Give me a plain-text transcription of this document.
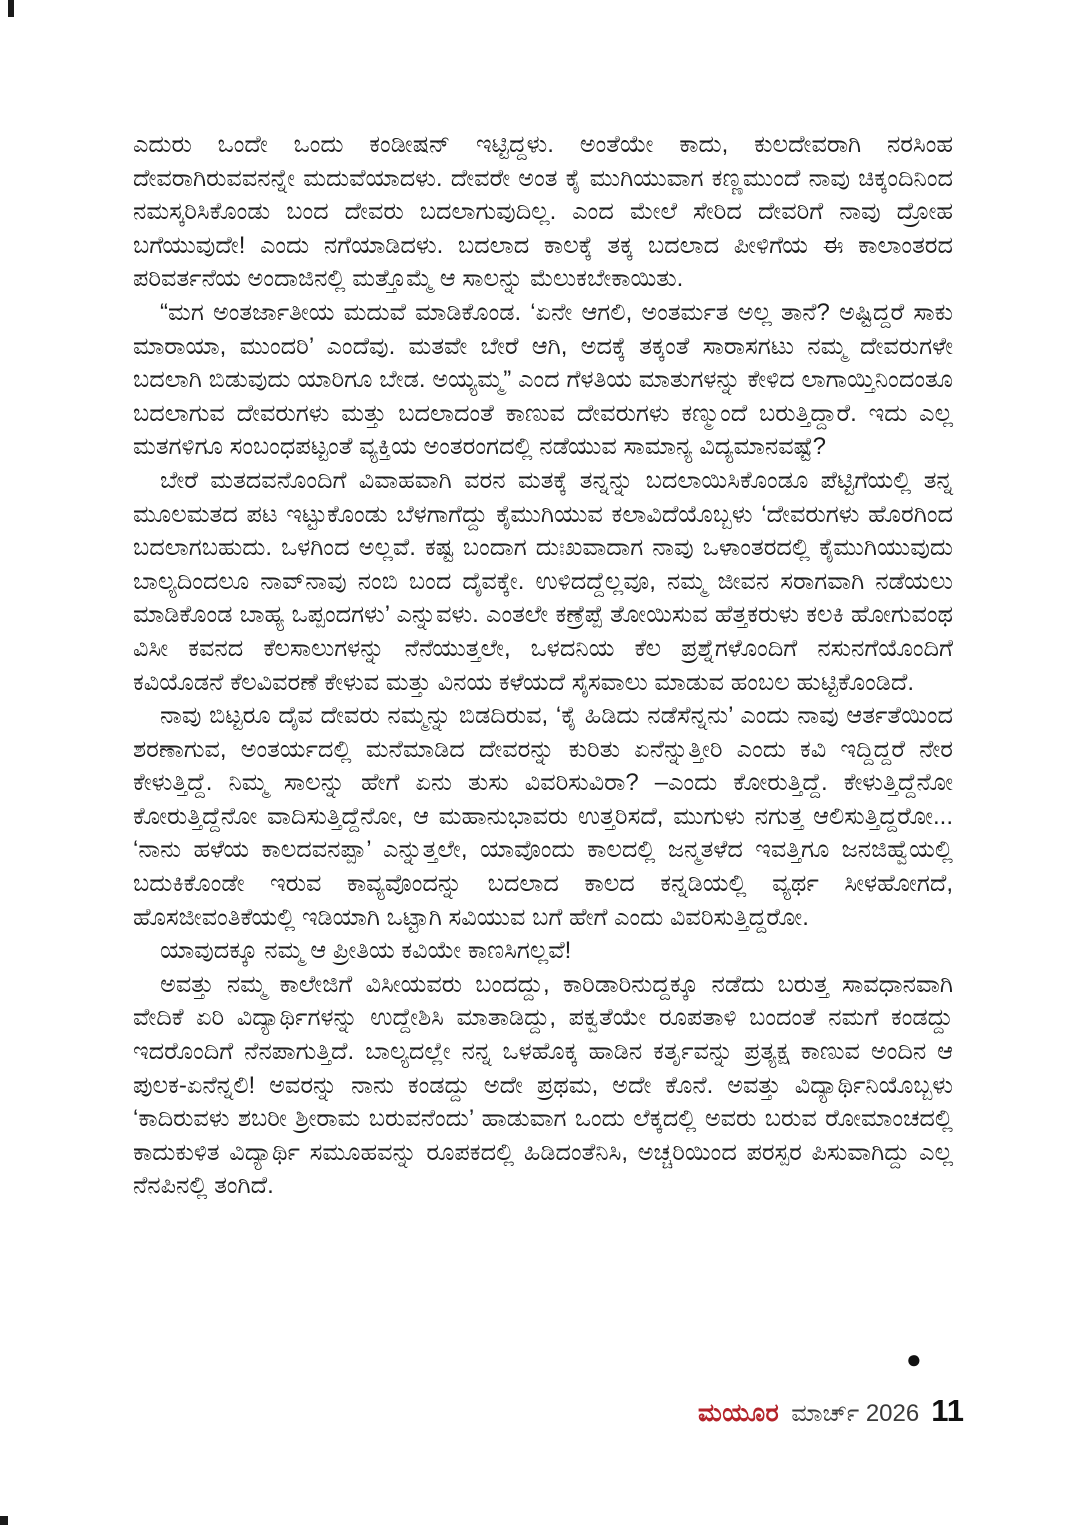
ಎದುರು ಒಂದೇ ಒಂದು ಕಂಡೀಷನ್ ಇಟ್ಟಿದ್ದಳು. ಅಂತೆಯೇ ಕಾದು, ಕುಲದೇವರಾಗಿ ನರಸಿಂಹ ದೇವರಾಗಿರುವವನನ್ನೇ ಮದುವೆಯಾದಳು. ದೇವರೇ ಅಂತ ಕೈ ಮುಗಿಯುವಾಗ ಕಣ್ಣಮುಂದೆ ನಾವು ಚಿಕ್ಕಂದಿನಿಂದ ನಮಸ್ಕರಿಸಿಕೊಂಡು ಬಂದ ದೇವರು ಬದಲಾಗುವುದಿಲ್ಲ. ಎಂದ ಮೇಲೆ ಸೇರಿದ ದೇವರಿಗೆ ನಾವು ದ್ರೋಹ ಬಗೆಯುವುದೇ! ಎಂದು ನಗೆಯಾಡಿದಳು. ಬದಲಾದ ಕಾಲಕ್ಕೆ ತಕ್ಕ ಬದಲಾದ ಪೀಳಿಗೆಯ ಈ ಕಾಲಾಂತರದ ಪರಿವರ್ತನೆಯ ಅಂದಾಜಿನಲ್ಲಿ ಮತ್ತೊಮ್ಮೆ ಆ ಸಾಲನ್ನು ಮೆಲುಕಬೇಕಾಯಿತು.

“ಮಗ ಅಂತರ್ಜಾತೀಯ ಮದುವೆ ಮಾಡಿಕೊಂಡ. ‘ಏನೇ ಆಗಲಿ, ಅಂತರ್ಮತ ಅಲ್ಲ ತಾನೆ? ಅಷ್ಟಿದ್ದರೆ ಸಾಕು ಮಾರಾಯಾ, ಮುಂದರಿ’ ಎಂದೆವು. ಮತವೇ ಬೇರೆ ಆಗಿ, ಅದಕ್ಕೆ ತಕ್ಕಂತೆ ಸಾರಾಸಗಟು ನಮ್ಮ ದೇವರುಗಳೇ ಬದಲಾಗಿ ಬಿಡುವುದು ಯಾರಿಗೂ ಬೇಡ. ಅಯ್ಯಮ್ಮ” ಎಂದ ಗೆಳತಿಯ ಮಾತುಗಳನ್ನು ಕೇಳಿದ ಲಾಗಾಯ್ತಿನಿಂದಂತೂ ಬದಲಾಗುವ ದೇವರುಗಳು ಮತ್ತು ಬದಲಾದಂತೆ ಕಾಣುವ ದೇವರುಗಳು ಕಣ್ಮುಂದೆ ಬರುತ್ತಿದ್ದಾರೆ. ಇದು ಎಲ್ಲ ಮತಗಳಿಗೂ ಸಂಬಂಧಪಟ್ಟಂತೆ ವ್ಯಕ್ತಿಯ ಅಂತರಂಗದಲ್ಲಿ ನಡೆಯುವ ಸಾಮಾನ್ಯ ವಿದ್ಯಮಾನವಷ್ಟೆ?

ಬೇರೆ ಮತದವನೊಂದಿಗೆ ವಿವಾಹವಾಗಿ ವರನ ಮತಕ್ಕೆ ತನ್ನನ್ನು ಬದಲಾಯಿಸಿಕೊಂಡೂ ಪೆಟ್ಟಿಗೆಯಲ್ಲಿ ತನ್ನ ಮೂಲಮತದ ಪಟ ಇಟ್ಟುಕೊಂಡು ಬೆಳಗಾಗೆದ್ದು ಕೈಮುಗಿಯುವ ಕಲಾವಿದೆಯೊಬ್ಬಳು ‘ದೇವರುಗಳು ಹೊರಗಿಂದ ಬದಲಾಗಬಹುದು. ಒಳಗಿಂದ ಅಲ್ಲವೆ. ಕಷ್ಟ ಬಂದಾಗ ದುಃಖವಾದಾಗ ನಾವು ಒಳಾಂತರದಲ್ಲಿ ಕೈಮುಗಿಯುವುದು ಬಾಲ್ಯದಿಂದಲೂ ನಾವ್‌ನಾವು ನಂಬಿ ಬಂದ ದೈವಕ್ಕೇ. ಉಳಿದದ್ದೆಲ್ಲವೂ, ನಮ್ಮ ಜೀವನ ಸರಾಗವಾಗಿ ನಡೆಯಲು ಮಾಡಿಕೊಂಡ ಬಾಹ್ಯ ಒಪ್ಪಂದಗಳು’ ಎನ್ನುವಳು. ಎಂತಲೇ ಕಣ್ರೆಪ್ಪೆ ತೋಯಿಸುವ ಹೆತ್ತಕರುಳು ಕಲಕಿ ಹೋಗುವಂಥ ವಿಸೀ ಕವನದ ಕೆಲಸಾಲುಗಳನ್ನು ನೆನೆಯುತ್ತಲೇ, ಒಳದನಿಯ ಕೆಲ ಪ್ರಶ್ನೆಗಳೊಂದಿಗೆ ನಸುನಗೆಯೊಂದಿಗೆ ಕವಿಯೊಡನೆ ಕೆಲವಿವರಣೆ ಕೇಳುವ ಮತ್ತು ವಿನಯ ಕಳೆಯದೆ ಸೈಸವಾಲು ಮಾಡುವ ಹಂಬಲ ಹುಟ್ಟಿಕೊಂಡಿದೆ.

ನಾವು ಬಿಟ್ಟರೂ ದೈವ ದೇವರು ನಮ್ಮನ್ನು ಬಿಡದಿರುವ, ‘ಕೈ ಹಿಡಿದು ನಡೆಸೆನ್ನನು’ ಎಂದು ನಾವು ಆರ್ತತೆಯಿಂದ ಶರಣಾಗುವ, ಅಂತರ್ಯದಲ್ಲಿ ಮನೆಮಾಡಿದ ದೇವರನ್ನು ಕುರಿತು ಏನೆನ್ನುತ್ತೀರಿ ಎಂದು ಕವಿ ಇದ್ದಿದ್ದರೆ ನೇರ ಕೇಳುತ್ತಿದ್ದೆ. ನಿಮ್ಮ ಸಾಲನ್ನು ಹೇಗೆ ಏನು ತುಸು ವಿವರಿಸುವಿರಾ? –ಎಂದು ಕೋರುತ್ತಿದ್ದೆ. ಕೇಳುತ್ತಿದ್ದೆನೋ ಕೋರುತ್ತಿದ್ದೆನೋ ವಾದಿಸುತ್ತಿದ್ದೆನೋ, ಆ ಮಹಾನುಭಾವರು ಉತ್ತರಿಸದೆ, ಮುಗುಳು ನಗುತ್ತ ಆಲಿಸುತ್ತಿದ್ದರೋ... ‘ನಾನು ಹಳೆಯ ಕಾಲದವನಪ್ಪಾ’ ಎನ್ನುತ್ತಲೇ, ಯಾವೊಂದು ಕಾಲದಲ್ಲಿ ಜನ್ಮತಳೆದ ಇವತ್ತಿಗೂ ಜನಜಿಹ್ವೆಯಲ್ಲಿ ಬದುಕಿಕೊಂಡೇ ಇರುವ ಕಾವ್ಯವೊಂದನ್ನು ಬದಲಾದ ಕಾಲದ ಕನ್ನಡಿಯಲ್ಲಿ ವ್ಯರ್ಥ ಸೀಳಹೋಗದೆ, ಹೊಸಜೀವಂತಿಕೆಯಲ್ಲಿ ಇಡಿಯಾಗಿ ಒಟ್ಟಾಗಿ ಸವಿಯುವ ಬಗೆ ಹೇಗೆ ಎಂದು ವಿವರಿಸುತ್ತಿದ್ದರೋ.

ಯಾವುದಕ್ಕೂ ನಮ್ಮ ಆ ಪ್ರೀತಿಯ ಕವಿಯೇ ಕಾಣಸಿಗಲ್ಲವೆ!

ಅವತ್ತು ನಮ್ಮ ಕಾಲೇಜಿಗೆ ವಿಸೀಯವರು ಬಂದದ್ದು, ಕಾರಿಡಾರಿನುದ್ದಕ್ಕೂ ನಡೆದು ಬರುತ್ತ ಸಾವಧಾನವಾಗಿ ವೇದಿಕೆ ಏರಿ ವಿದ್ಯಾರ್ಥಿಗಳನ್ನು ಉದ್ದೇಶಿಸಿ ಮಾತಾಡಿದ್ದು, ಪಕ್ವತೆಯೇ ರೂಪತಾಳಿ ಬಂದಂತೆ ನಮಗೆ ಕಂಡದ್ದು ಇದರೊಂದಿಗೆ ನೆನಪಾಗುತ್ತಿದೆ. ಬಾಲ್ಯದಲ್ಲೇ ನನ್ನ ಒಳಹೊಕ್ಕ ಹಾಡಿನ ಕರ್ತೃವನ್ನು ಪ್ರತ್ಯಕ್ಷ ಕಾಣುವ ಅಂದಿನ ಆ ಪುಲಕ-ಏನೆನ್ನಲಿ! ಅವರನ್ನು ನಾನು ಕಂಡದ್ದು ಅದೇ ಪ್ರಥಮ, ಅದೇ ಕೊನೆ. ಅವತ್ತು ವಿದ್ಯಾರ್ಥಿನಿಯೊಬ್ಬಳು ‘ಕಾದಿರುವಳು ಶಬರೀ ಶ್ರೀರಾಮ ಬರುವನೆಂದು’ ಹಾಡುವಾಗ ಒಂದು ಲೆಕ್ಕದಲ್ಲಿ ಅವರು ಬರುವ ರೋಮಾಂಚದಲ್ಲಿ ಕಾದುಕುಳಿತ ವಿದ್ಯಾರ್ಥಿ ಸಮೂಹವನ್ನು ರೂಪಕದಲ್ಲಿ ಹಿಡಿದಂತೆನಿಸಿ, ಅಚ್ಚರಿಯಿಂದ ಪರಸ್ಪರ ಪಿಸುವಾಗಿದ್ದು ಎಲ್ಲ ನೆನಪಿನಲ್ಲಿ ತಂಗಿದೆ.

●
ಮಯೂರ ಮಾರ್ಚ್ 2026 11
